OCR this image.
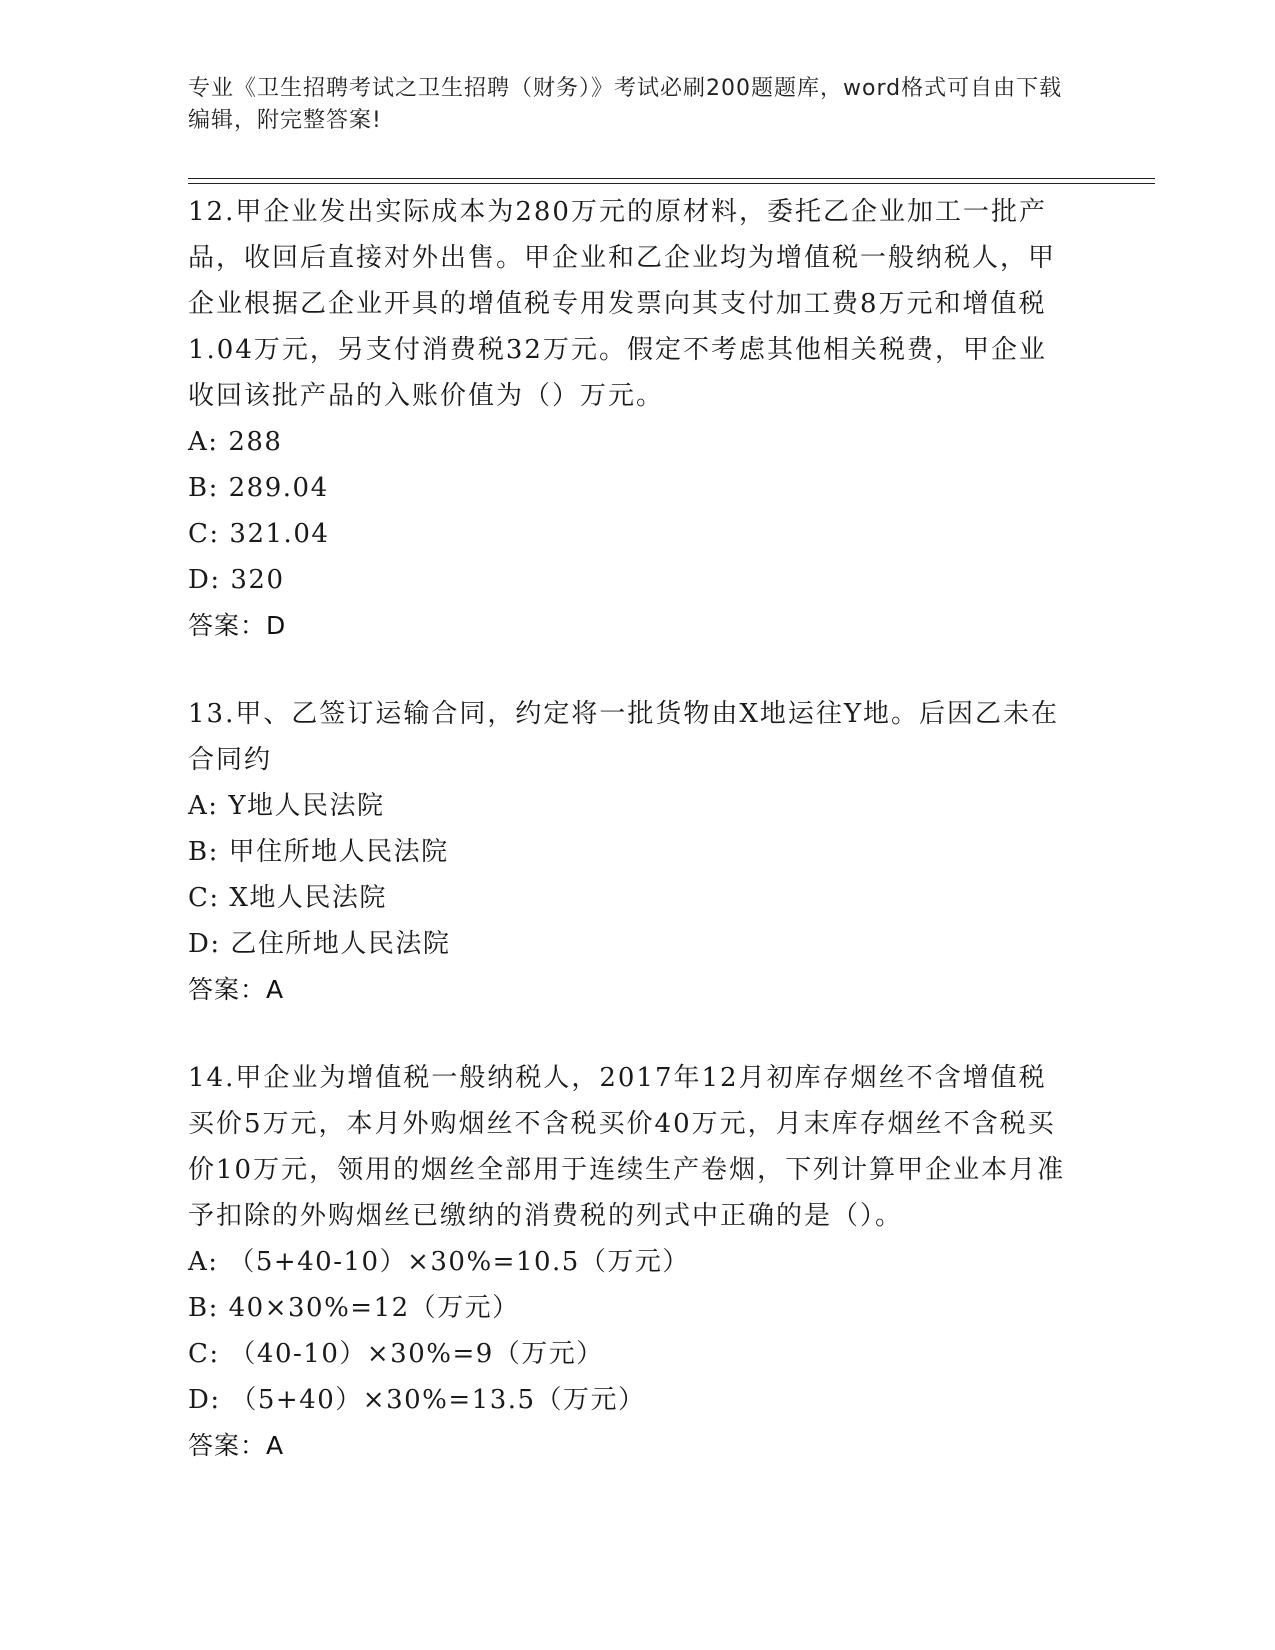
专业《卫生招聘考试之卫生招聘（财务）》考试必刷200题题库，word格式可自由下载编辑，附完整答案!

12.甲企业发出实际成本为280万元的原材料，委托乙企业加工一批产品，收回后直接对外出售。甲企业和乙企业均为增值税一般纳税人，甲企业根据乙企业开具的增值税专用发票向其支付加工费8万元和增值税1.04万元，另支付消费税32万元。假定不考虑其他相关税费，甲企业收回该批产品的入账价值为（）万元。

A: 288

B: 289.04

C: 321.04

D: 320

答案：D

13.甲、乙签订运输合同，约定将一批货物由X地运往Y地。后因乙未在合同约

A: Y地人民法院

B: 甲住所地人民法院

C: X地人民法院

D: 乙住所地人民法院

答案：A

14.甲企业为增值税一般纳税人，2017年12月初库存烟丝不含增值税买价5万元，本月外购烟丝不含税买价40万元，月末库存烟丝不含税买价10万元，领用的烟丝全部用于连续生产卷烟，下列计算甲企业本月准予扣除的外购烟丝已缴纳的消费税的列式中正确的是（）。

A: （5+40-10）×30%=10.5（万元）

B: 40×30%=12（万元）

C: （40-10）×30%=9（万元）

D: （5+40）×30%=13.5（万元）

答案：A
